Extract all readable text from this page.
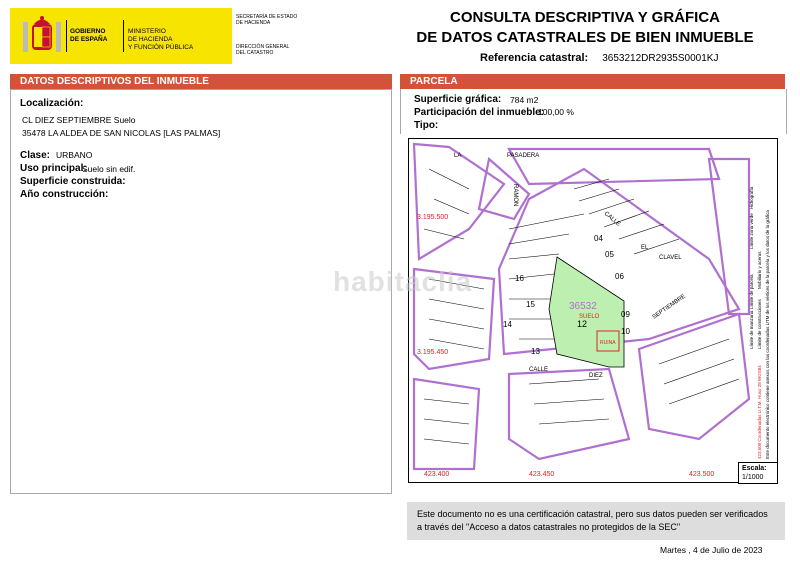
GOBIERNO
DE ESPAÑA
MINISTERIO
DE HACIENDA
Y FUNCIÓN PÚBLICA
SECRETARÍA DE ESTADO
DE HACIENDA
DIRECCIÓN GENERAL
DEL CATASTRO
CONSULTA DESCRIPTIVA Y GRÁFICA
DE DATOS CATASTRALES DE BIEN INMUEBLE
Referencia catastral: 3653212DR2935S0001KJ
DATOS DESCRIPTIVOS DEL INMUEBLE
Localización:
CL DIEZ SEPTIEMBRE Suelo
35478 LA ALDEA DE SAN NICOLAS [LAS PALMAS]
Clase: URBANO
Uso principal:
Suelo sin edif.
Superficie construida:
Año construcción:
PARCELA
Superficie gráfica: 784 m2
Participación del inmueble:
100,00 %
Tipo:
36532
SUELO
12
RUINA
04
05
06
09
10
13
14
15
16
3.195.500
3.195.450
423.400	423.450	423.500
LA	PASADERA
CALLE
DIEZ
SEPTIEMBRE
RAMON
CALLE
EL
CLAVEL
423.500 Coordenadas U.T.M. Huso 28 WGS84 Este documento electrónico contiene anexos con las coordenadas UTM de los vértices de la parcela y los datos de la gráfica
Límite de manzana
Límite de parcela
Límite de construcciones
Mobiliario y aceras
Límite zona verde
Hidrografía
habitaclia
Escala:
1/1000
Este documento no es una certificación catastral, pero sus datos pueden ser verificados a través del "Acceso a datos catastrales no protegidos de la SEC"
Martes , 4 de Julio de 2023
